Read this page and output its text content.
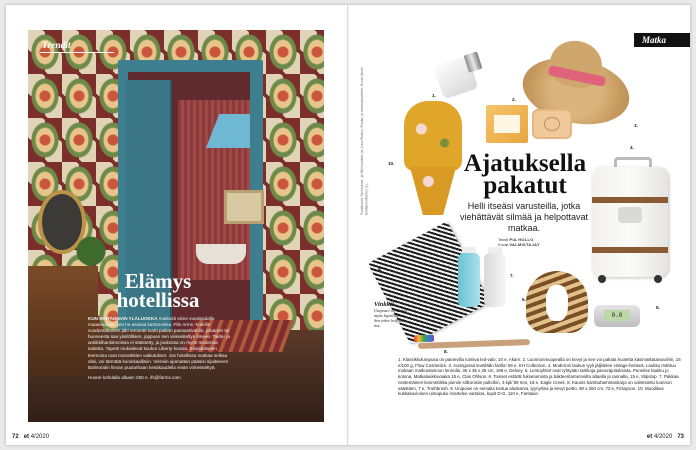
Trendit
Elämys hotellissa
KUN BRITANNIAN YLÄLUOKKA matkusti viime vuosisadalla maaseudulle, sen he asuivat kartanoissa. Fife Arms -hotellin vuodentakainen jälti remontti tuotti paikan pannarsivahiin, jokainen tai huoneesta saa yksilöllisen, joppuan sen viimeisteltyn ilmeen. Taide- ja antiikkihankinnoissa ei säästetty, ja joukossa on myös modernia taidetta. Tapetit mukailevat kuulun Liberty-kuosia. Sisustukseen teemoina ovat monarkkien vaikutukset. Jos hotellissa matkaa selkaa olisi, voi tärmätä kuninkaallisiin. Viereiin ajomattan pääsisi sijaitseven Balmoralin linnan puutarhaan kesäkaudella eivän viimeisteltyä.
Huone kohdalla alkaen 260 e. ifs@farms.com	KUVAT FIFE ARMS
72 et 4/2020
Matka
Tuotekuvat: Sennheiser- ja Stihl-tuotteet (et, Lauri Rotko), Ruoka- ja ravintolatuotteet. Kuvat (Anne Kotilainen/Kaiho) (1).
1.
3.
2.
10.	Ajatuksella pakatut
Helli itseäsi varusteilla, jotka viehättävät silmää ja helpottavat matkaa.
Teksti PIA HOLLO
Kuvat VALMISTAJAT
4.
9.
7.
6.
0.0
5.
8.
Vinkki!
Uniposei on kätevä myös lapsillekin. Sen tekee helposti itse.
1. Klassikkolumpusa on patnevilla toimiva led-valo, 10 e, Akam. 2. Luonnonmuopealla on kevyt ja sen voi pakata huoletta käsimatkatavaroihin, 15 e/100 g, Flow Cosmetics. 3. Auringossa levelläån farillo! 59 e, KH Collection. 4. Modernin laukun tyyli jäljittelee vintage-henkeä. Laukku mahtuu mukaan matkustamoon lennolla. 35 x 35 x 25 cm, 199 e, Delsey. 5. Lentoyhtiöt ovat ryhtyään tarkkoja painorajoituksista. Punnitse laukku jo kotona. Matkalaukkuvaaka 15 e, Clas Ohlson. 6. Tosiset estärät fuksetuminta ja bakteeritartunnoilta altaalla ja rannalla, 15 e, Slipstop. 7. Pakkaa nestemäinen kosmetiikka pieniin silikonisiin pulloihin, 3 kpl/ 88 mm, 18 e, Eagle Creek. 8. Kaunis bambuhammasharja on valmistettu luonnon säästäen, 7 e, Truthbrush. 9. Uniposei on semaila tuntua aluskarva, tyynyliina ja kevyt peitto, 90 x 250 cm, 72 e, Finlayson. 10. Muodikas kukkakuvioinen uimapuku imartelee vartaloa, kupit D-G, 110 e, Fantasie.
et 4/2020 73
